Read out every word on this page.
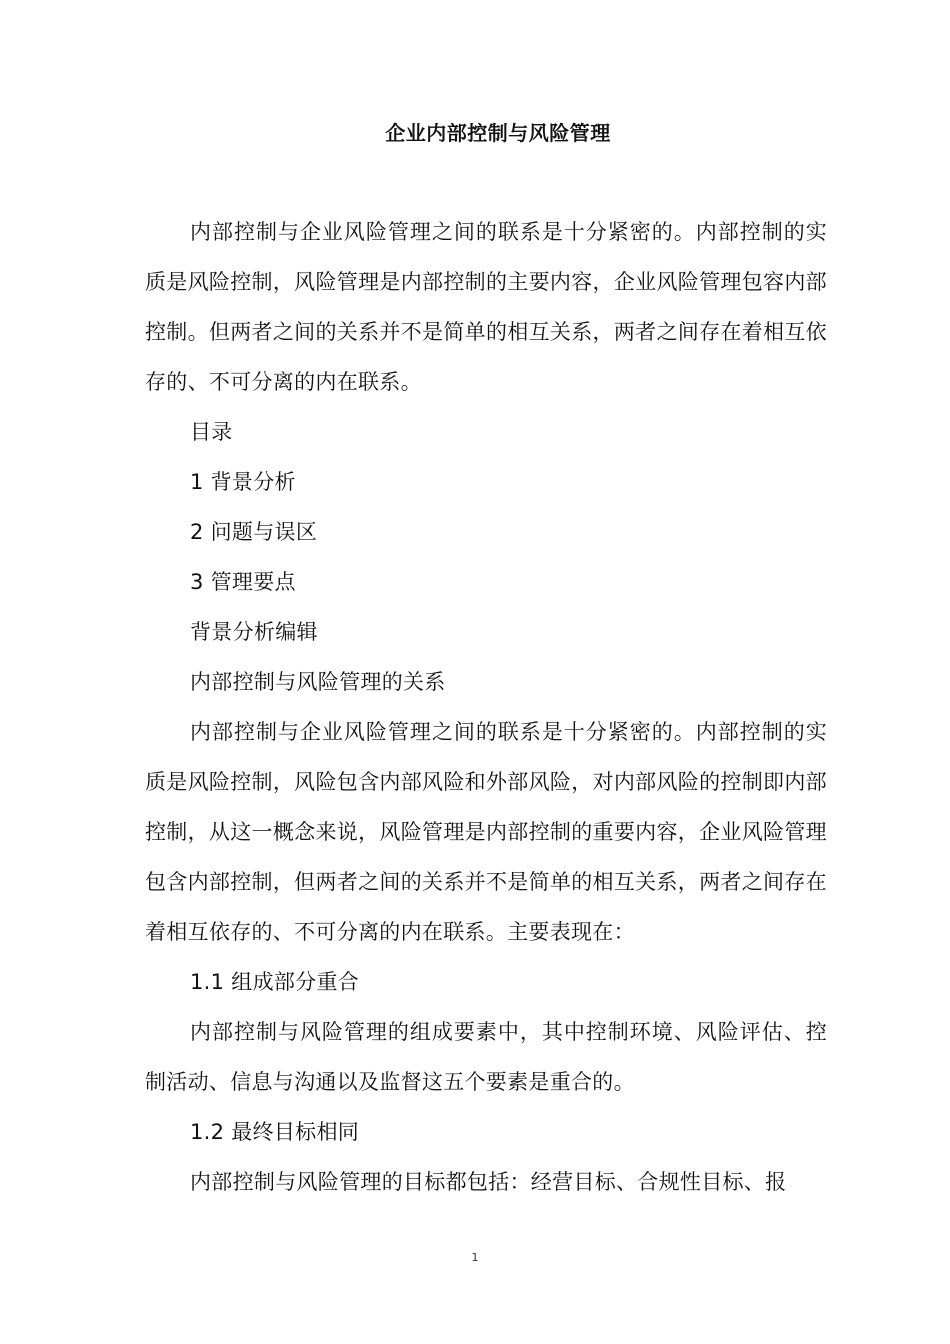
企业内部控制与风险管理

内部控制与企业风险管理之间的联系是十分紧密的。内部控制的实质是风险控制，风险管理是内部控制的主要内容，企业风险管理包容内部控制。但两者之间的关系并不是简单的相互关系，两者之间存在着相互依存的、不可分离的内在联系。

目录

1 背景分析

2 问题与误区

3 管理要点

背景分析编辑

内部控制与风险管理的关系

内部控制与企业风险管理之间的联系是十分紧密的。内部控制的实质是风险控制，风险包含内部风险和外部风险，对内部风险的控制即内部控制，从这一概念来说，风险管理是内部控制的重要内容，企业风险管理包含内部控制，但两者之间的关系并不是简单的相互关系，两者之间存在着相互依存的、不可分离的内在联系。主要表现在：

1.1 组成部分重合

内部控制与风险管理的组成要素中，其中控制环境、风险评估、控制活动、信息与沟通以及监督这五个要素是重合的。

1.2 最终目标相同

内部控制与风险管理的目标都包括：经营目标、合规性目标、报

1
